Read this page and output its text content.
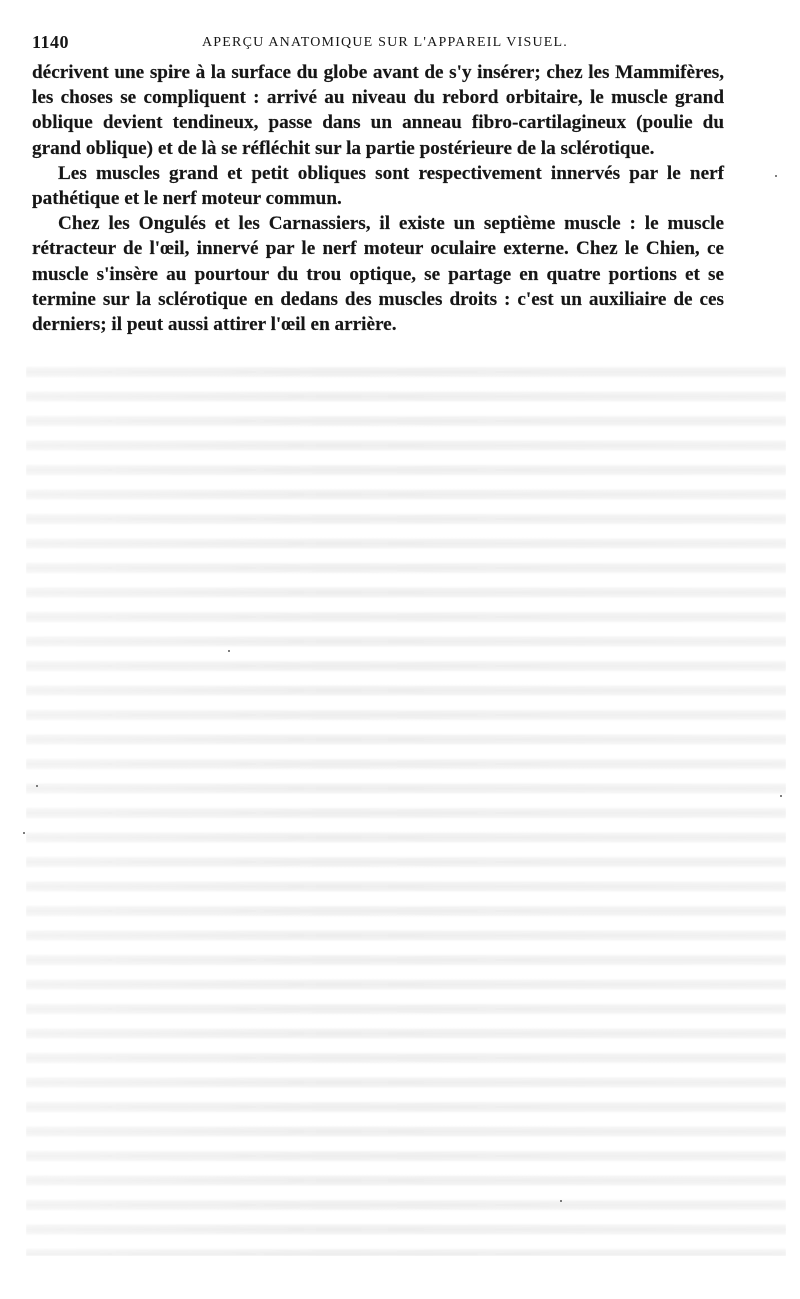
1140	APERÇU ANATOMIQUE SUR L'APPAREIL VISUEL.

décrivent une spire à la surface du globe avant de s'y insérer; chez les Mammifères, les choses se compliquent : arrivé au niveau du rebord orbitaire, le muscle grand oblique devient tendineux, passe dans un anneau fibro-cartilagineux (poulie du grand oblique) et de là se réfléchit sur la partie postérieure de la sclérotique.

Les muscles grand et petit obliques sont respectivement innervés par le nerf pathétique et le nerf moteur commun.

Chez les Ongulés et les Carnassiers, il existe un septième muscle : le muscle rétracteur de l'œil, innervé par le nerf moteur oculaire externe. Chez le Chien, ce muscle s'insère au pourtour du trou optique, se partage en quatre portions et se termine sur la sclérotique en dedans des muscles droits : c'est un auxiliaire de ces derniers; il peut aussi attirer l'œil en arrière.
